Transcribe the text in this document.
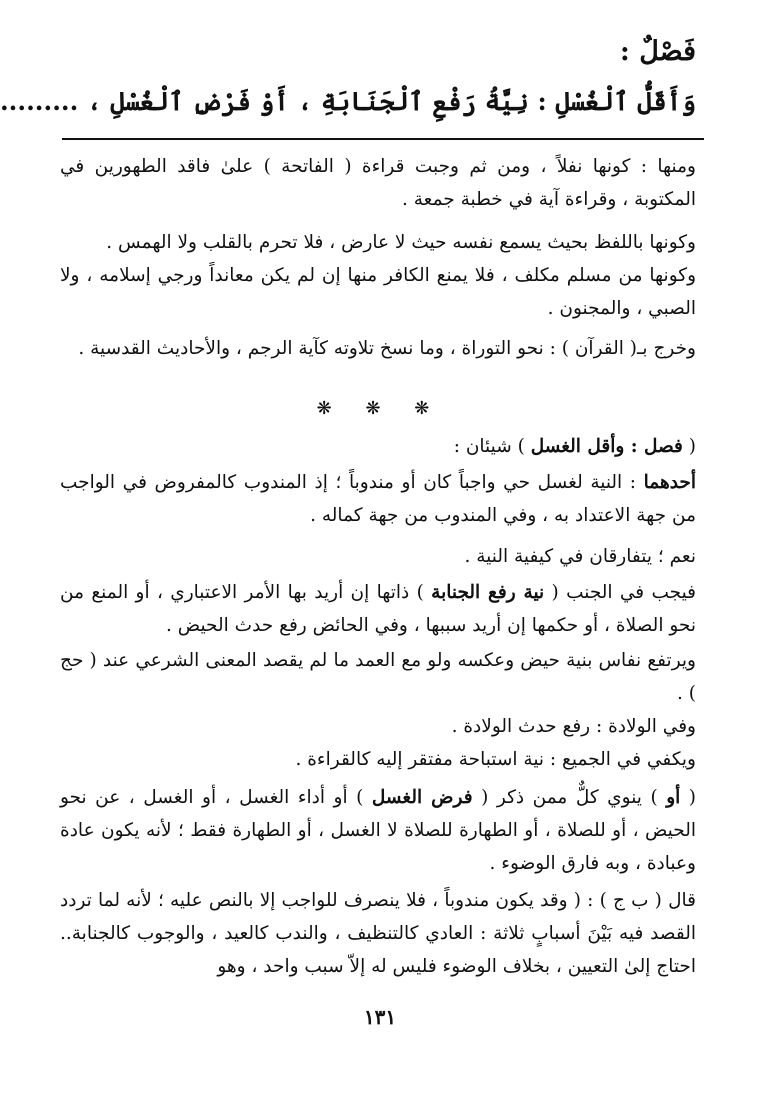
فَصْلٌ :
وَأَقَلُّ ٱلْغُسْلِ : نِيَّةُ رَفْعِ ٱلْجَنَابَةِ ، أَوْ فَرْضِ ٱلْغُسْلِ ، .........

ومنها : كونها نفلاً ، ومن ثم وجبت قراءة ( الفاتحة ) علىٰ فاقد الطهورين في المكتوبة ، وقراءة آية في خطبة جمعة .

وكونها باللفظ بحيث يسمع نفسه حيث لا عارض ، فلا تحرم بالقلب ولا الهمس .

وكونها من مسلم مكلف ، فلا يمنع الكافر منها إن لم يكن معانداً ورجي إسلامه ، ولا الصبي ، والمجنون .

وخرج بـ( القرآن ) : نحو التوراة ، وما نسخ تلاوته كآية الرجم ، والأحاديث القدسية .

❋ ❋ ❋

( فصل : وأقل الغسل ) شيئان :

أحدهما : النية لغسل حي واجباً كان أو مندوباً ؛ إذ المندوب كالمفروض في الواجب من جهة الاعتداد به ، وفي المندوب من جهة كماله .

نعم ؛ يتفارقان في كيفية النية .

فيجب في الجنب ( نية رفع الجنابة ) ذاتها إن أريد بها الأمر الاعتباري ، أو المنع من نحو الصلاة ، أو حكمها إن أريد سببها ، وفي الحائض رفع حدث الحيض .

ويرتفع نفاس بنية حيض وعكسه ولو مع العمد ما لم يقصد المعنى الشرعي عند ( حج ) .

وفي الولادة : رفع حدث الولادة .

ويكفي في الجميع : نية استباحة مفتقر إليه كالقراءة .

( أو ) ينوي كلٌّ ممن ذكر ( فرض الغسل ) أو أداء الغسل ، أو الغسل ، عن نحو الحيض ، أو للصلاة ، أو الطهارة للصلاة لا الغسل ، أو الطهارة فقط ؛ لأنه يكون عادة وعبادة ، وبه فارق الوضوء .

قال ( ب ج ) : ( وقد يكون مندوباً ، فلا ينصرف للواجب إلا بالنص عليه ؛ لأنه لما تردد القصد فيه بَيْنَ أسبابٍ ثلاثة : العادي كالتنظيف ، والندب كالعيد ، والوجوب كالجنابة.. احتاج إلىٰ التعيين ، بخلاف الوضوء فليس له إلاّ سبب واحد ، وهو

١٣١
